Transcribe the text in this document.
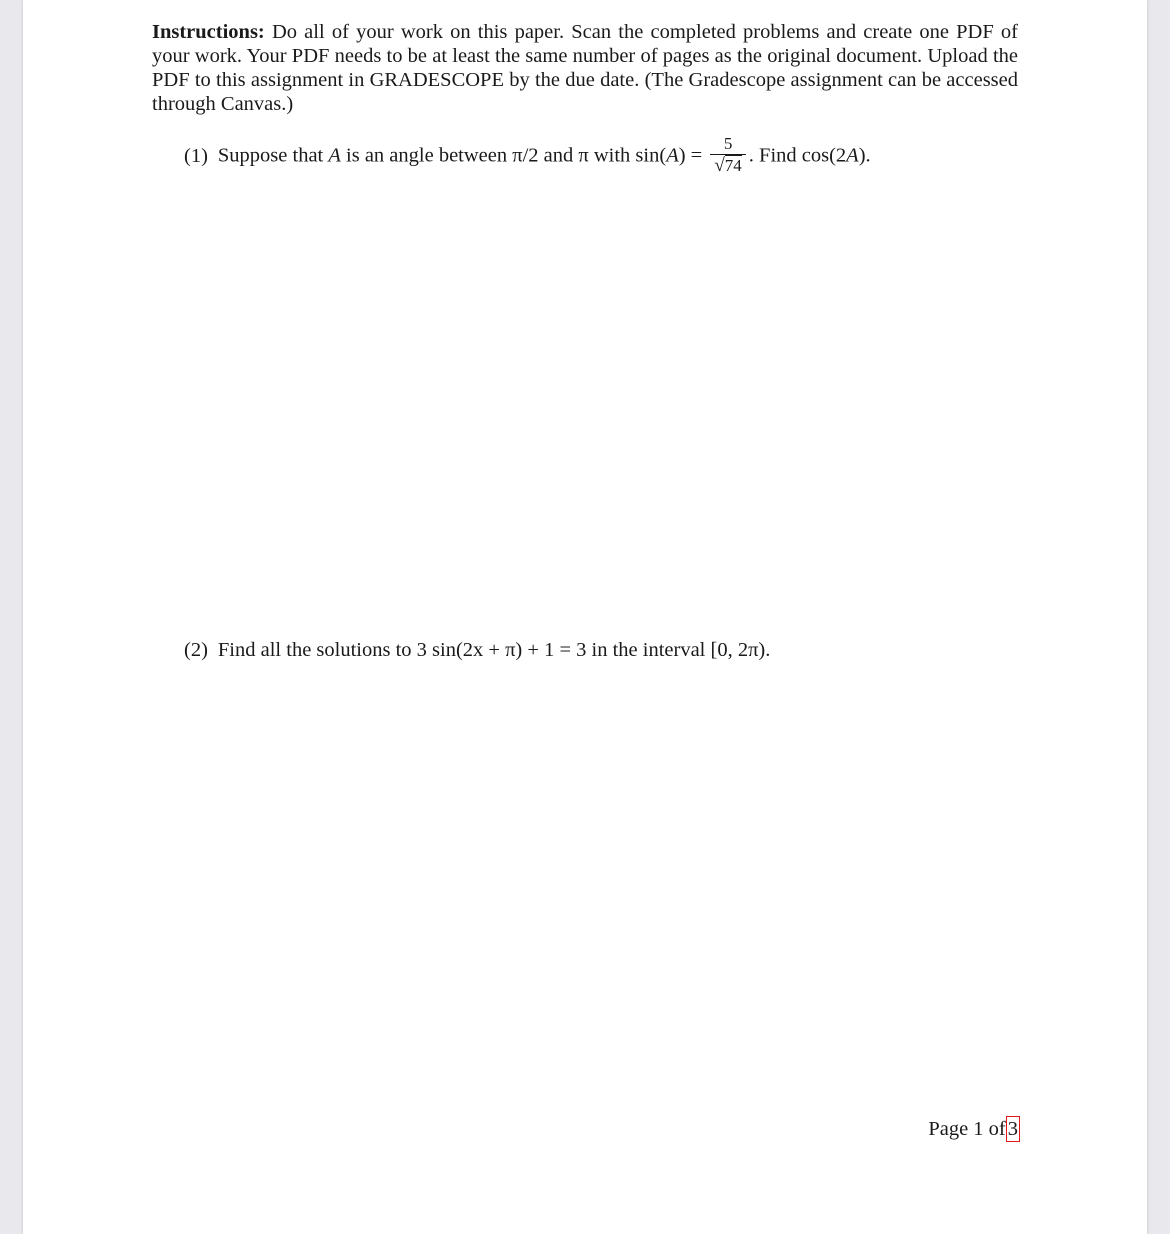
Instructions: Do all of your work on this paper. Scan the completed problems and create one PDF of your work. Your PDF needs to be at least the same number of pages as the original document. Upload the PDF to this assignment in GRADESCOPE by the due date. (The Gradescope assignment can be accessed through Canvas.)

(1) Suppose that A is an angle between π/2 and π with $\sin(A) = \frac{5}{√74}$ . Find cos(2A).
(2) Find all the solutions to 3 sin(2x + π) + 1 = 3 in the interval [0, 2π).
Page 1 of3
